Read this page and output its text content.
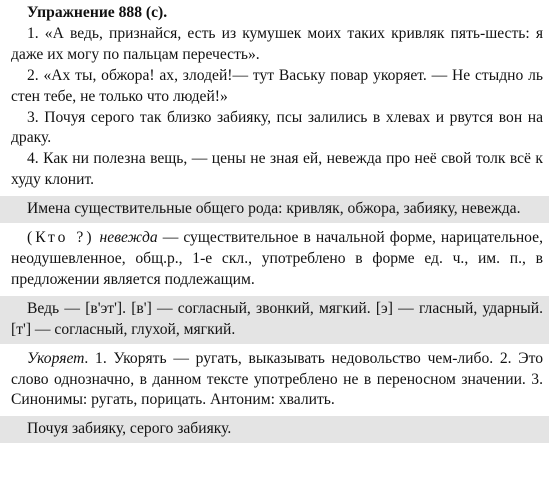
Упражнение 888 (с).

1. «А ведь, признайся, есть из кумушек моих таких кривляк пять-шесть: я даже их могу по пальцам перечесть».

2. «Ах ты, обжора! ах, злодей!— тут Ваську повар укоряет. — Не стыдно ль стен тебе, не только что людей!»

3. Почуя серого так близко забияку, псы залились в хлевах и рвутся вон на драку.

4. Как ни полезна вещь, — цены не зная ей, невежда про неё свой толк всё к худу клонит.

Имена существительные общего рода: кривляк, обжора, забияку, невежда.

(Кто ?) невежда — существительное в начальной форме, нарицательное, неодушевленное, общ.р., 1-е скл., употреблено в форме ед. ч., им. п., в предложении является подлежащим.

Ведь — [в'эт']. [в'] — согласный, звонкий, мягкий. [э] — гласный, ударный. [т'] — согласный, глухой, мягкий.

Укоряет. 1. Укорять — ругать, выказывать недовольство чем-либо. 2. Это слово однозначно, в данном тексте употреблено не в переносном значении. 3. Синонимы: ругать, порицать. Антоним: хвалить.

Почуя забияку, серого забияку.
